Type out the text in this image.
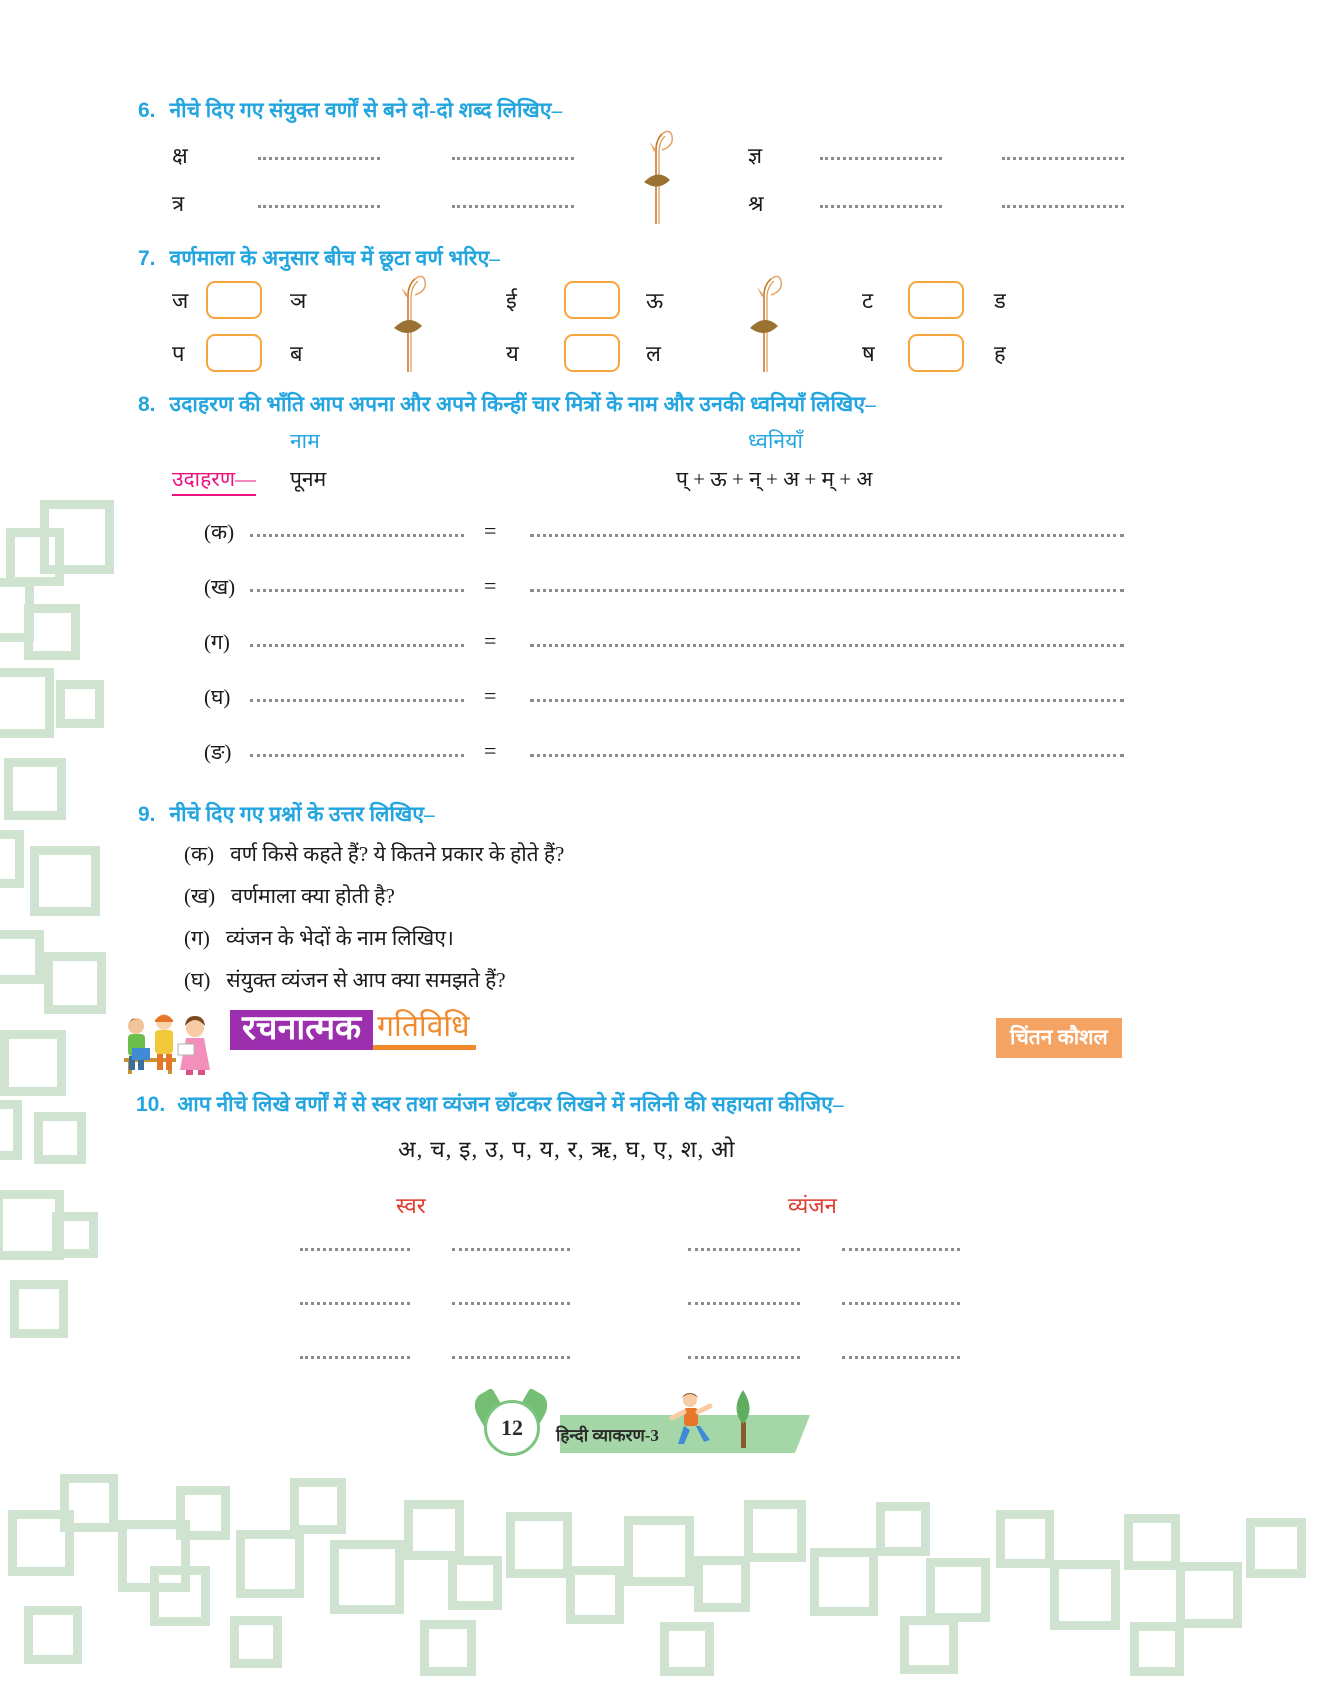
6. नीचे दिए गए संयुक्त वर्णों से बने दो-दो शब्द लिखिए–
क्ष	ज्ञ
त्र	श्र
7. वर्णमाला के अनुसार बीच में छूटा वर्ण भरिए–
ज	ञ	ई	ऊ	ट	ड
प	ब	य	ल	ष	ह
8. उदाहरण की भाँति आप अपना और अपने किन्हीं चार मित्रों के नाम और उनकी ध्वनियाँ लिखिए–
नाम	ध्वनियाँ
उदाहरण— पूनम	प् + ऊ + न् + अ + म् + अ
(क)	=
(ख)	=
(ग)	=
(घ)	=
(ङ)	=
9. नीचे दिए गए प्रश्नों के उत्तर लिखिए–
(क) वर्ण किसे कहते हैं? ये कितने प्रकार के होते हैं?
(ख) वर्णमाला क्या होती है?
(ग) व्यंजन के भेदों के नाम लिखिए।
(घ) संयुक्त व्यंजन से आप क्या समझते हैं?
रचनात्मक गतिविधि	चिंतन कौशल
10. आप नीचे लिखे वर्णों में से स्वर तथा व्यंजन छाँटकर लिखने में नलिनी की सहायता कीजिए–
अ, च, इ, उ, प, य, र, ऋ, घ, ए, श, ओ
स्वर	व्यंजन
12	हिन्दी व्याकरण-3
